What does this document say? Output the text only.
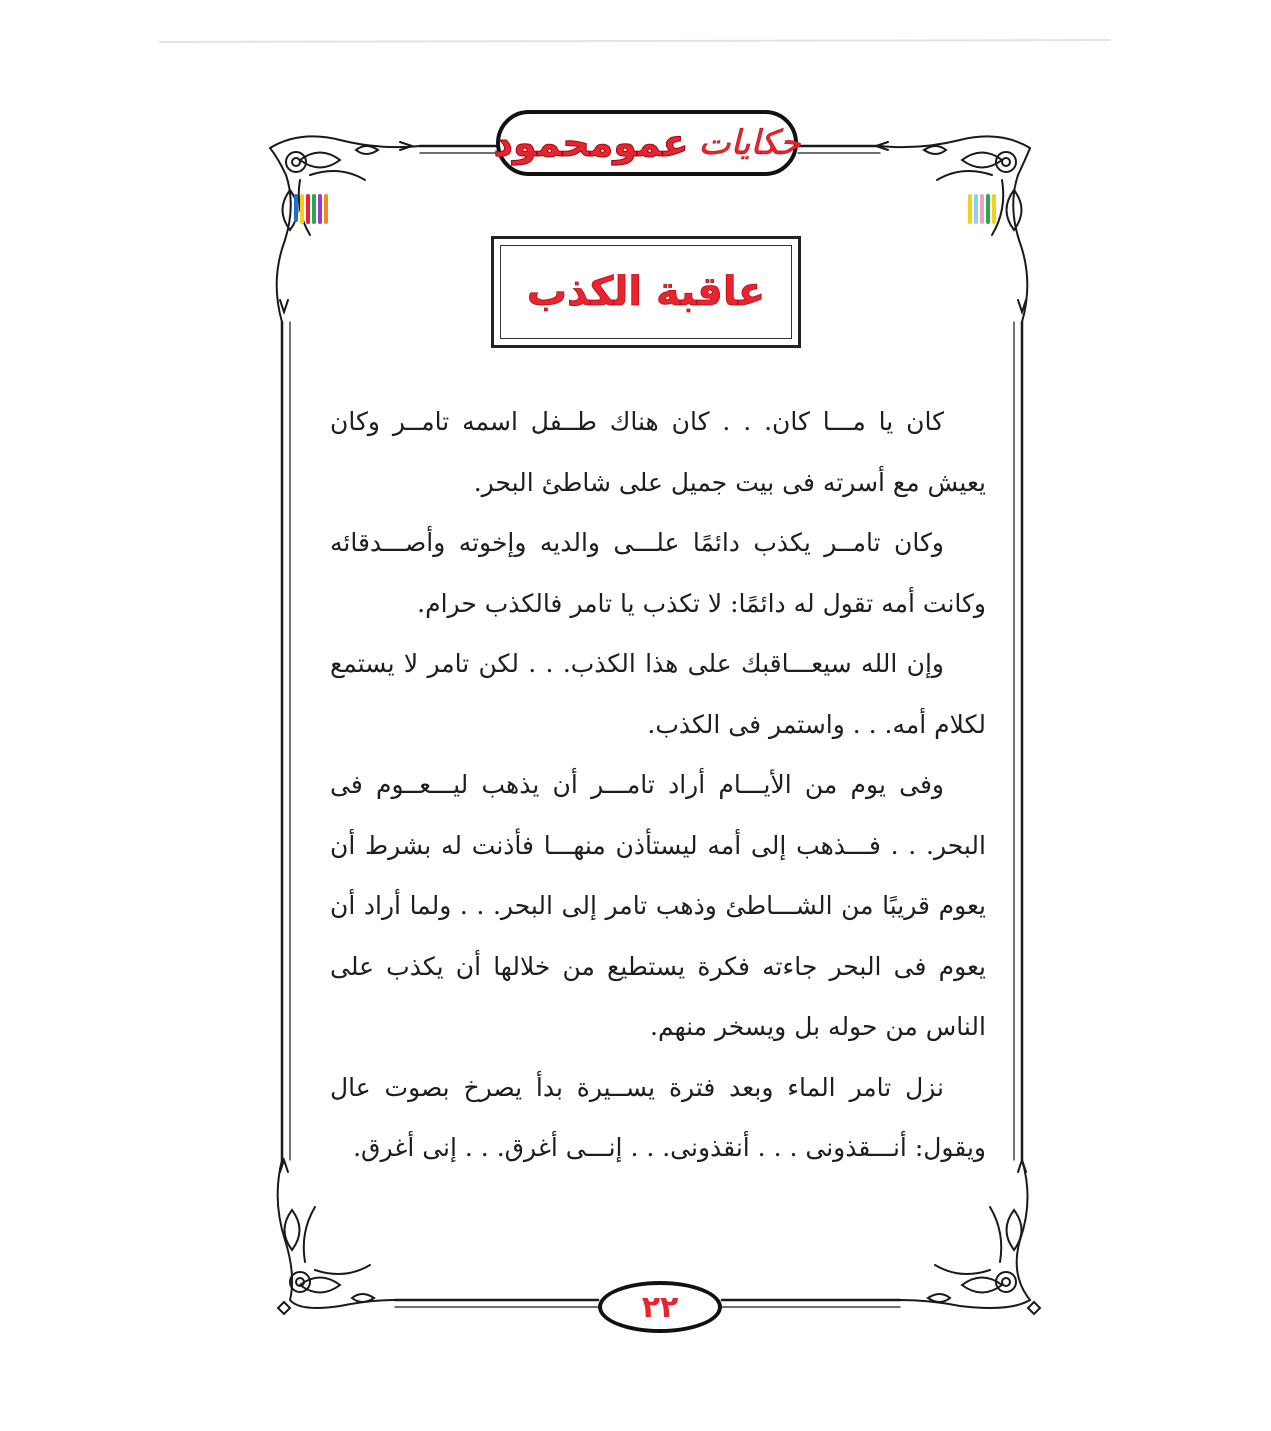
حكايات
عمومحمود
عاقبة الكذب

كان يا مـــا كان. . . كان هناك طــفل اسمه تامــر وكان يعيش مع أسرته فى بيت جميل على شاطئ البحر.

وكان تامــر يكذب دائمًا علـــى والديه وإخوته وأصـــدقائه وكانت أمه تقول له دائمًا: لا تكذب يا تامر فالكذب حرام.

وإن الله سيعـــاقبك على هذا الكذب. . . لكن تامر لا يستمع لكلام أمه. . . واستمر فى الكذب.

وفى يوم من الأيـــام أراد تامـــر أن يذهب ليـــعــوم فى البحر. . . فـــذهب إلى أمه ليستأذن منهـــا فأذنت له بشرط أن يعوم قريبًا من الشـــاطئ وذهب تامر إلى البحر. . . ولما أراد أن يعوم فى البحر جاءته فكرة يستطيع من خلالها أن يكذب على الناس من حوله بل ويسخر منهم.

نزل تامر الماء وبعد فترة يســيرة بدأ يصرخ بصوت عال ويقول: أنـــقذونى . . . أنقذونى. . . إنـــى أغرق. . . إنى أغرق.

٢٢
